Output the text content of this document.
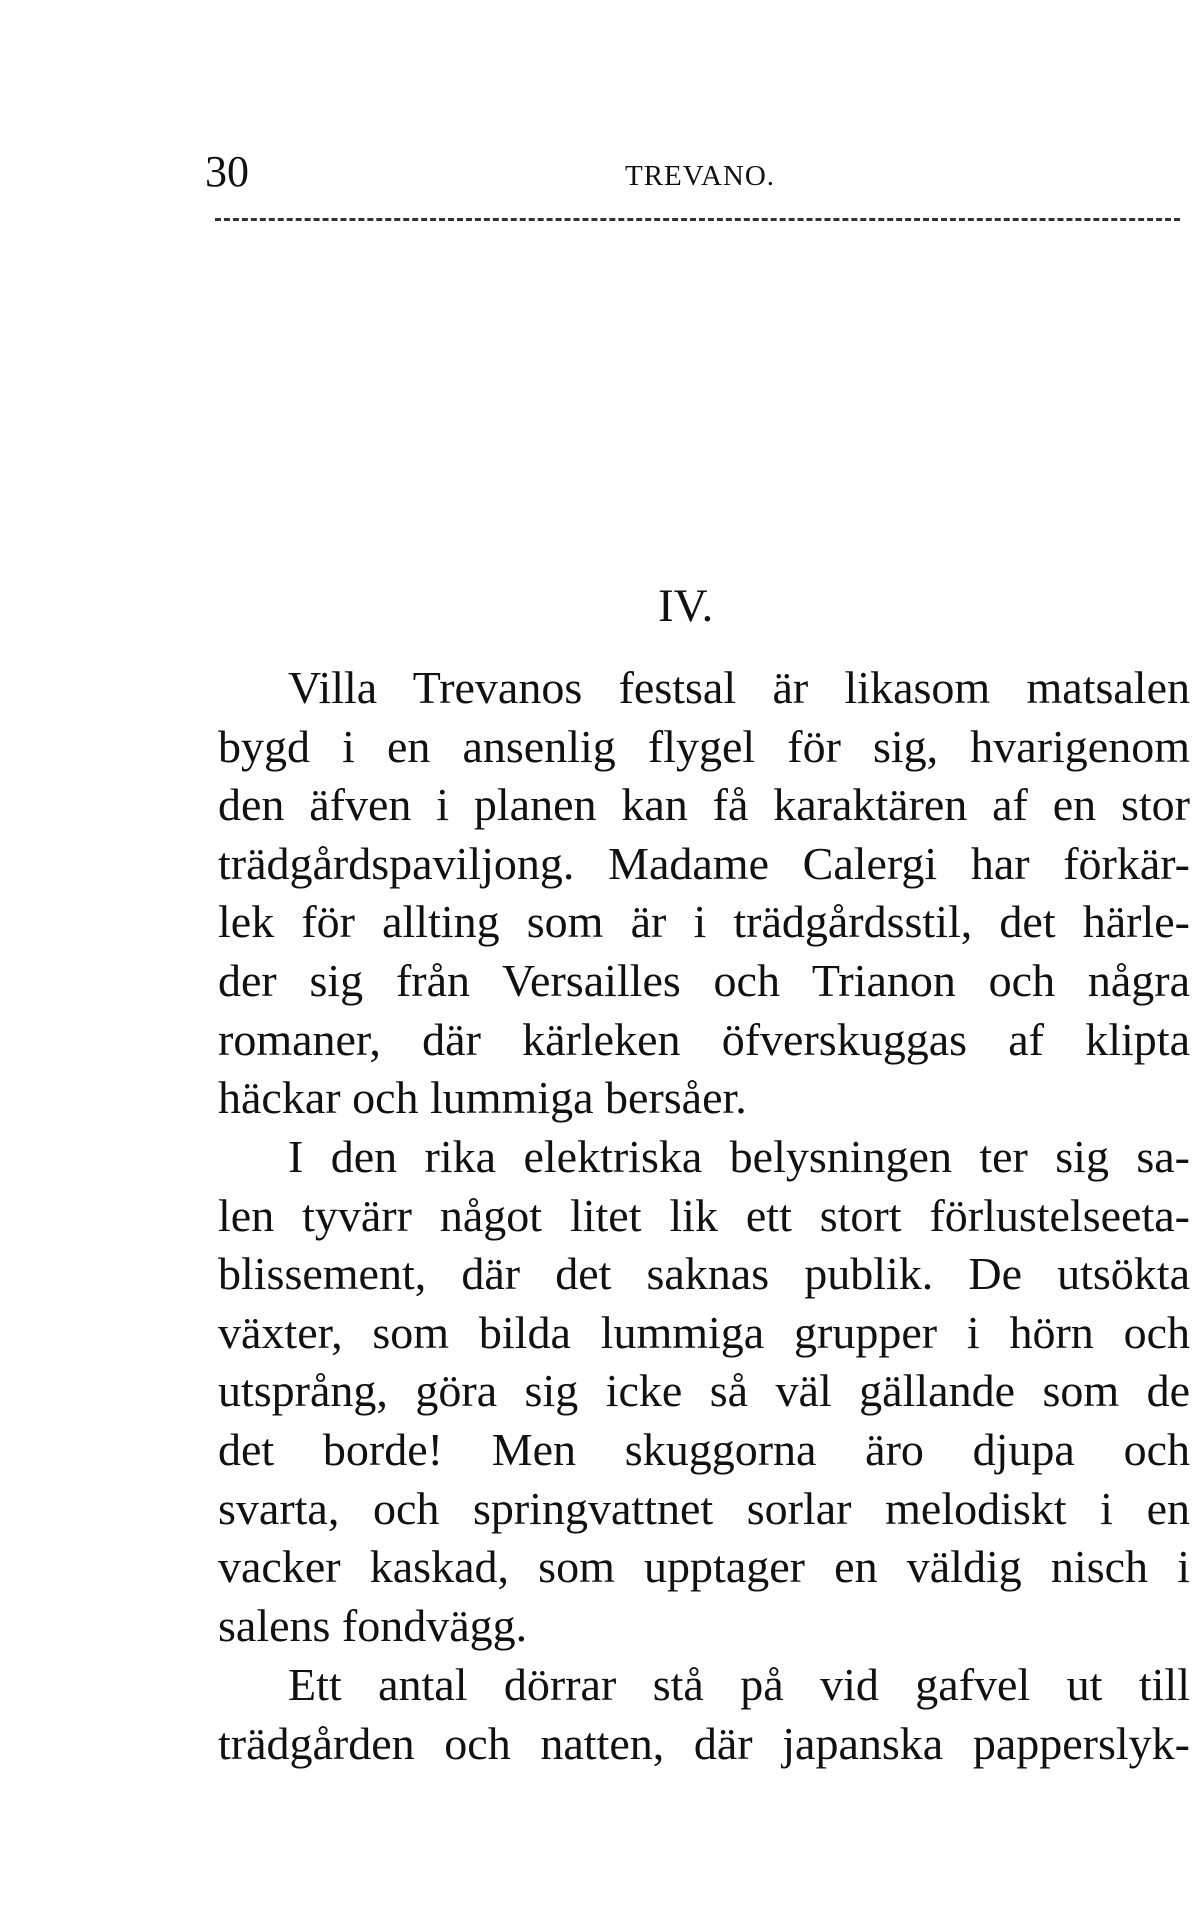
30	TREVANO.
IV.
Villa Trevanos festsal är likasom matsalen
bygd i en ansenlig flygel för sig, hvarigenom
den äfven i planen kan få karaktären af en stor
trädgårdspaviljong. Madame Calergi har förkär-
lek för allting som är i trädgårdsstil, det härle-
der sig från Versailles och Trianon och några
romaner, där kärleken öfverskuggas af klipta
häckar och lummiga bersåer.
I den rika elektriska belysningen ter sig sa-
len tyvärr något litet lik ett stort förlustelseeta-
blissement, där det saknas publik. De utsökta
växter, som bilda lummiga grupper i hörn och
utsprång, göra sig icke så väl gällande som de
det borde! Men skuggorna äro djupa och
svarta, och springvattnet sorlar melodiskt i en
vacker kaskad, som upptager en väldig nisch i
salens fondvägg.
Ett antal dörrar stå på vid gafvel ut till
trädgården och natten, där japanska papperslyk-
